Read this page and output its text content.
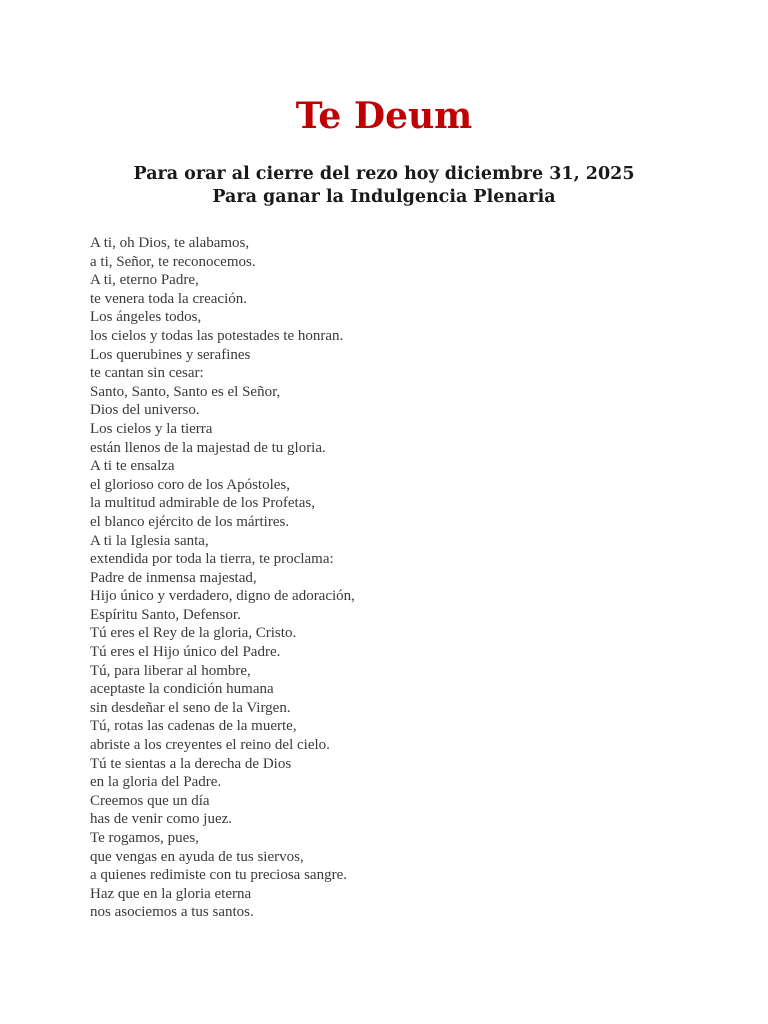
Te Deum
Para orar al cierre del rezo hoy diciembre 31, 2025
Para ganar la Indulgencia Plenaria
A ti, oh Dios, te alabamos,
a ti, Señor, te reconocemos.
A ti, eterno Padre,
te venera toda la creación.
Los ángeles todos,
los cielos y todas las potestades te honran.
Los querubines y serafines
te cantan sin cesar:
Santo, Santo, Santo es el Señor,
Dios del universo.
Los cielos y la tierra
están llenos de la majestad de tu gloria.
A ti te ensalza
el glorioso coro de los Apóstoles,
la multitud admirable de los Profetas,
el blanco ejército de los mártires.
A ti la Iglesia santa,
extendida por toda la tierra, te proclama:
Padre de inmensa majestad,
Hijo único y verdadero, digno de adoración,
Espíritu Santo, Defensor.
Tú eres el Rey de la gloria, Cristo.
Tú eres el Hijo único del Padre.
Tú, para liberar al hombre,
aceptaste la condición humana
sin desdeñar el seno de la Virgen.
Tú, rotas las cadenas de la muerte,
abriste a los creyentes el reino del cielo.
Tú te sientas a la derecha de Dios
en la gloria del Padre.
Creemos que un día
has de venir como juez.
Te rogamos, pues,
que vengas en ayuda de tus siervos,
a quienes redimiste con tu preciosa sangre.
Haz que en la gloria eterna
nos asociemos a tus santos.
